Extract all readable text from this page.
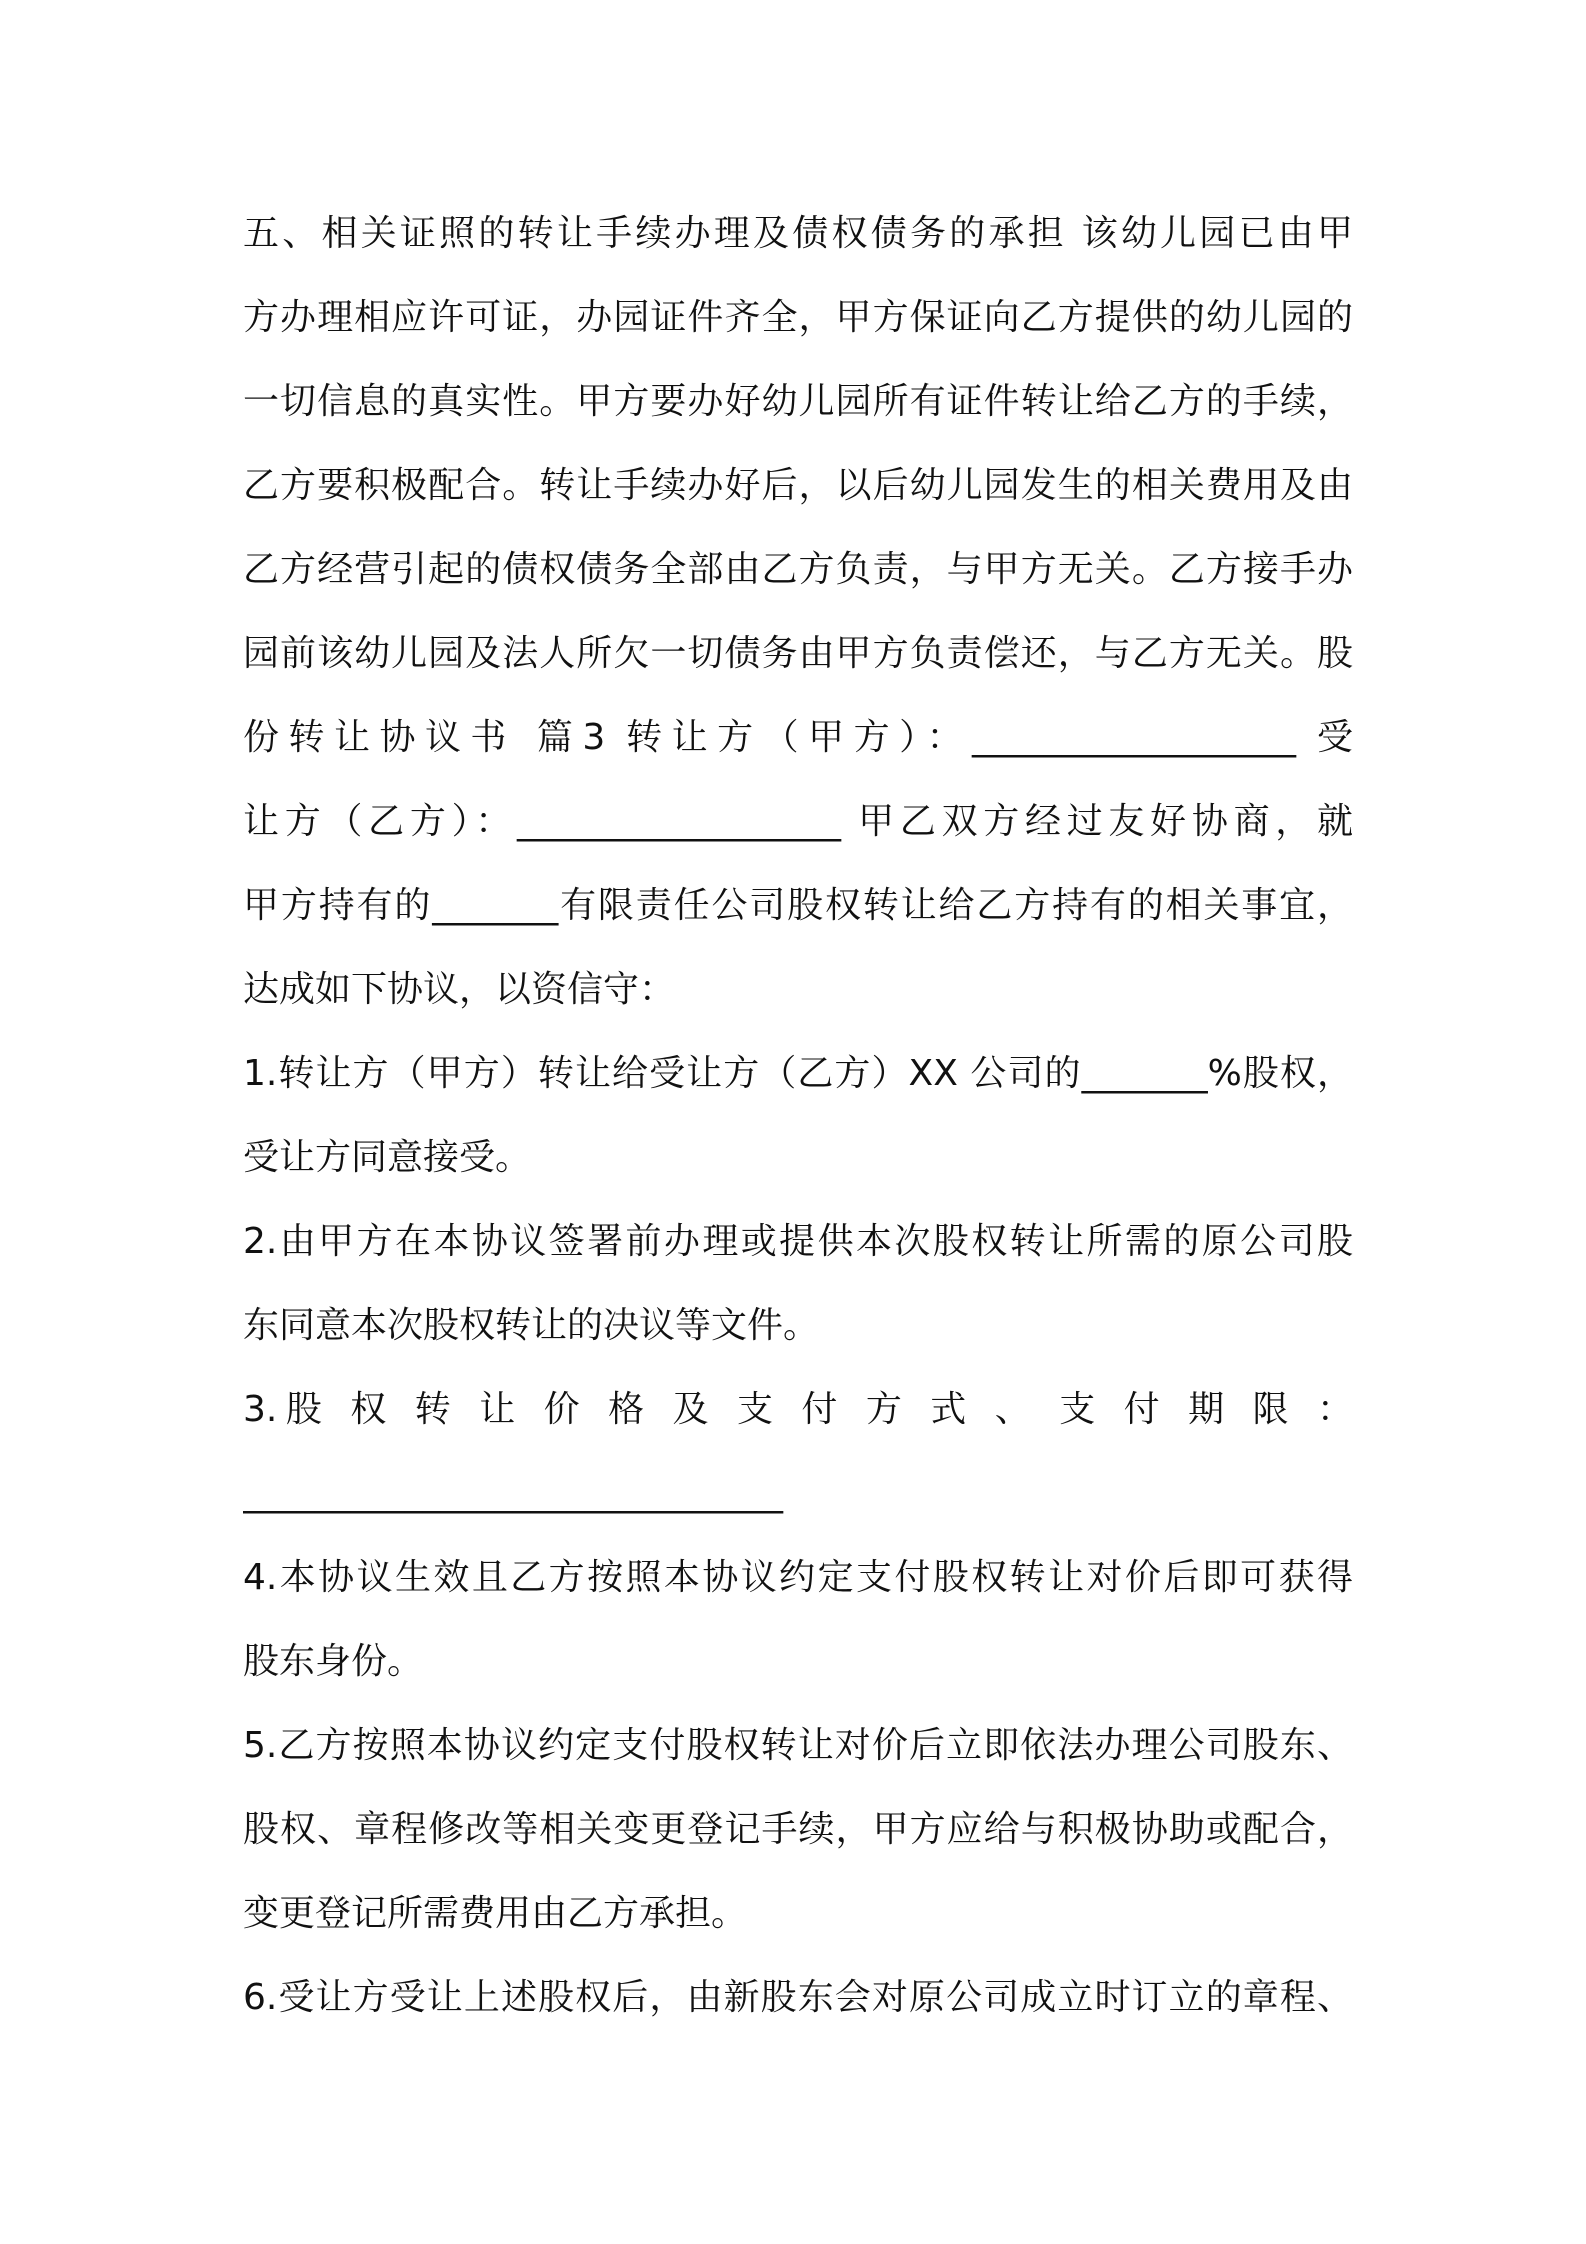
五、相关证照的转让手续办理及债权债务的承担 该幼儿园已由甲
方办理相应许可证，办园证件齐全，甲方保证向乙方提供的幼儿园的
一切信息的真实性。甲方要办好幼儿园所有证件转让给乙方的手续，
乙方要积极配合。转让手续办好后，以后幼儿园发生的相关费用及由
乙方经营引起的债权债务全部由乙方负责，与甲方无关。乙方接手办
园前该幼儿园及法人所欠一切债务由甲方负责偿还，与乙方无关。股
份转让协议书 篇3 转让方（甲方）：__________________ 受
让方（乙方）：__________________ 甲乙双方经过友好协商，就
甲方持有的_______有限责任公司股权转让给乙方持有的相关事宜，
达成如下协议，以资信守：
1.转让方（甲方）转让给受让方（乙方）XX 公司的_______%股权，
受让方同意接受。
2.由甲方在本协议签署前办理或提供本次股权转让所需的原公司股
东同意本次股权转让的决议等文件。
3.股 权 转 让 价 格 及 支 付 方 式 、 支 付 期 限 ：
______________________________
4.本协议生效且乙方按照本协议约定支付股权转让对价后即可获得
股东身份。
5.乙方按照本协议约定支付股权转让对价后立即依法办理公司股东、
股权、章程修改等相关变更登记手续，甲方应给与积极协助或配合，
变更登记所需费用由乙方承担。
6.受让方受让上述股权后，由新股东会对原公司成立时订立的章程、
